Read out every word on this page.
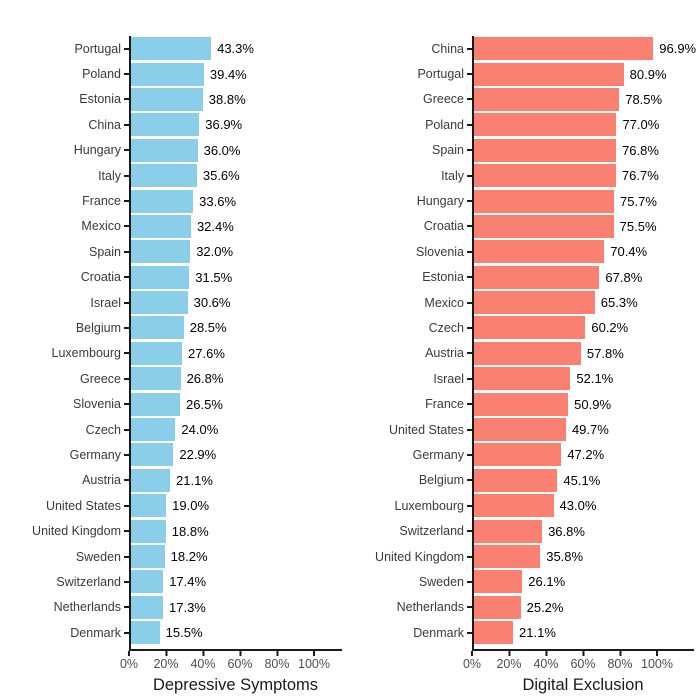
Portugal
Poland
Estonia
China
Hungary
Italy
France
Mexico
Spain
Croatia
Israel
Belgium
Luxembourg
Greece
Slovenia
Czech
Germany
Austria
United States
United Kingdom
Sweden
Switzerland
Netherlands
Denmark
43.3%
39.4%
38.8%
36.9%
36.0%
35.6%
33.6%
32.4%
32.0%
31.5%
30.6%
28.5%
27.6%
26.8%
26.5%
24.0%
22.9%
21.1%
19.0%
18.8%
18.2%
17.4%
17.3%
15.5%
0% 20% 40% 60% 80% 100%
Depressive Symptoms
China
Portugal
Greece
Poland
Spain
Italy
Hungary
Croatia
Slovenia
Estonia
Mexico
Czech
Austria
Israel
France
United States
Germany
Belgium
Luxembourg
Switzerland
United Kingdom
Sweden
Netherlands
Denmark
96.9%
80.9%
78.5%
77.0%
76.8%
76.7%
75.7%
75.5%
70.4%
67.8%
65.3%
60.2%
57.8%
52.1%
50.9%
49.7%
47.2%
45.1%
43.0%
36.8%
35.8%
26.1%
25.2%
21.1%
0% 20% 40% 60% 80% 100%
Digital Exclusion
